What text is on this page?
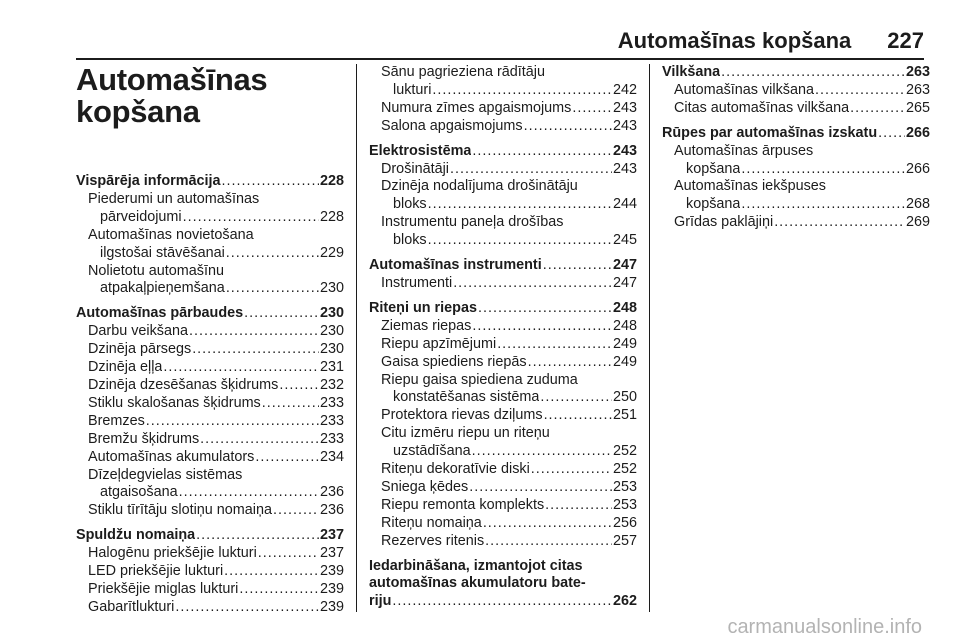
Automašīnas kopšana 227
Automašīnas
kopšana
Vispārēja informācija .....	228
Piederumi un automašīnas
pārveidojumi .....	228
Automašīnas novietošana
ilgstošai stāvēšanai .....	229
Nolietotu automašīnu
atpakaļpieņemšana .....	230
Automašīnas pārbaudes .....	230
Darbu veikšana .....	230
Dzinēja pārsegs .....	230
Dzinēja eļļa .....	231
Dzinēja dzesēšanas šķidrums .....	232
Stiklu skalošanas šķidrums .....	233
Bremzes .....	233
Bremžu šķidrums .....	233
Automašīnas akumulators .....	234
Dīzeļdegvielas sistēmas
atgaisošana .....	236
Stiklu tīrītāju slotiņu nomaiņa .....	236
Spuldžu nomaiņa .....	237
Halogēnu priekšējie lukturi .....	237
LED priekšējie lukturi .....	239
Priekšējie miglas lukturi .....	239
Gabarītlukturi .....	239
Sānu pagrieziena rādītāju
lukturi .....	242
Numura zīmes apgaismojums .....	243
Salona apgaismojums .....	243
Elektrosistēma .....	243
Drošinātāji .....	243
Dzinēja nodalījuma drošinātāju
bloks .....	244
Instrumentu paneļa drošības
bloks .....	245
Automašīnas instrumenti .....	247
Instrumenti .....	247
Riteņi un riepas .....	248
Ziemas riepas .....	248
Riepu apzīmējumi .....	249
Gaisa spiediens riepās .....	249
Riepu gaisa spiediena zuduma
konstatēšanas sistēma .....	250
Protektora rievas dziļums .....	251
Citu izmēru riepu un riteņu
uzstādīšana .....	252
Riteņu dekoratīvie diski .....	252
Sniega ķēdes .....	253
Riepu remonta komplekts .....	253
Riteņu nomaiņa .....	256
Rezerves ritenis .....	257
Iedarbināšana, izmantojot citas
automašīnas akumulatoru bate-
riju .....	262
Vilkšana .....	263
Automašīnas vilkšana .....	263
Citas automašīnas vilkšana .....	265
Rūpes par automašīnas izskatu ..... 266
Automašīnas ārpuses
kopšana .....	266
Automašīnas iekšpuses
kopšana .....	268
Grīdas paklājiņi .....	269
carmanualsonline.info
